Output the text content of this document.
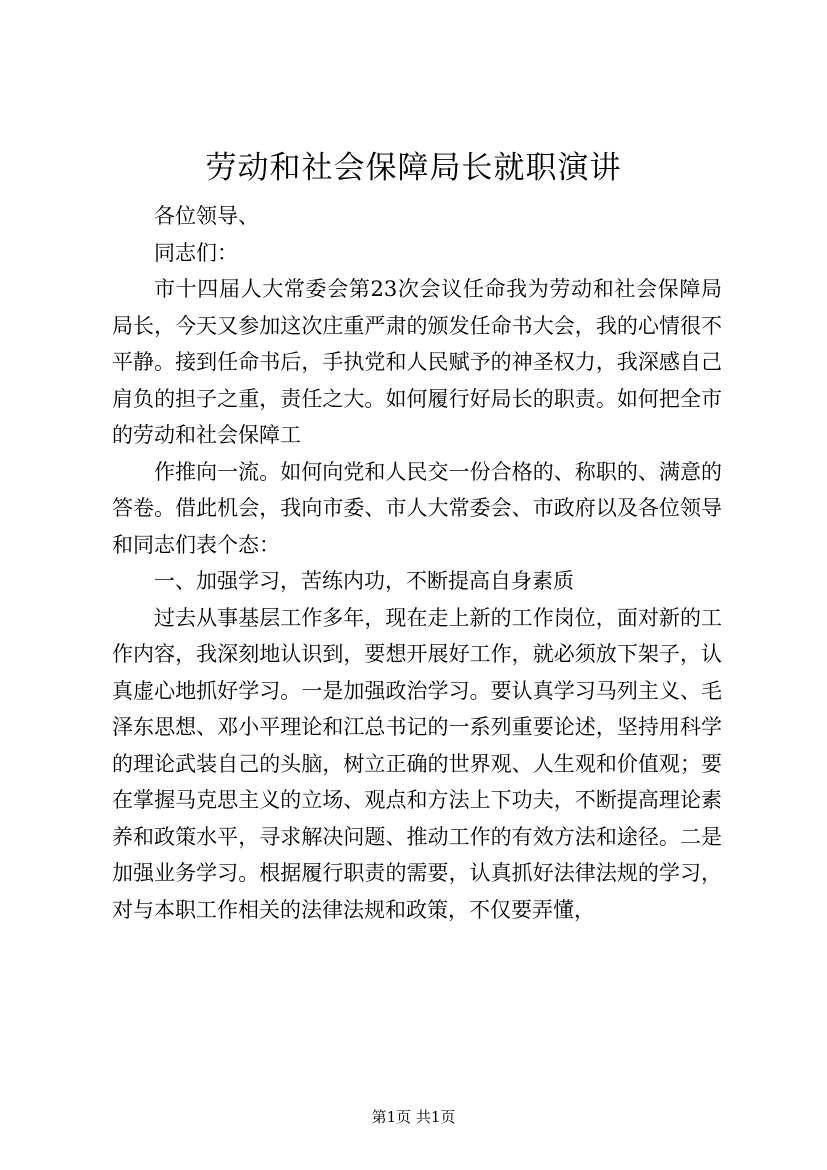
劳动和社会保障局长就职演讲

各位领导、

同志们：

市十四届人大常委会第23次会议任命我为劳动和社会保障局局长，今天又参加这次庄重严肃的颁发任命书大会，我的心情很不平静。接到任命书后，手执党和人民赋予的神圣权力，我深感自己肩负的担子之重，责任之大。如何履行好局长的职责。如何把全市的劳动和社会保障工

作推向一流。如何向党和人民交一份合格的、称职的、满意的答卷。借此机会，我向市委、市人大常委会、市政府以及各位领导和同志们表个态：

一、加强学习，苦练内功，不断提高自身素质

过去从事基层工作多年，现在走上新的工作岗位，面对新的工作内容，我深刻地认识到，要想开展好工作，就必须放下架子，认真虚心地抓好学习。一是加强政治学习。要认真学习马列主义、毛泽东思想、邓小平理论和江总书记的一系列重要论述，坚持用科学的理论武装自己的头脑，树立正确的世界观、人生观和价值观；要在掌握马克思主义的立场、观点和方法上下功夫，不断提高理论素养和政策水平，寻求解决问题、推动工作的有效方法和途径。二是加强业务学习。根据履行职责的需要，认真抓好法律法规的学习，对与本职工作相关的法律法规和政策，不仅要弄懂，

第1页 共1页
